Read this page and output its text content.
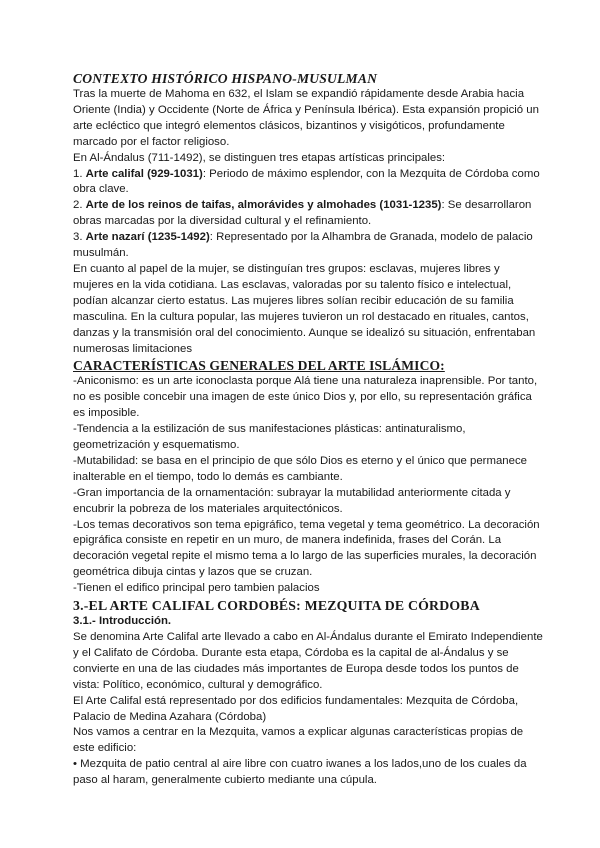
CONTEXTO HISTÓRICO HISPANO-MUSULMAN

Tras la muerte de Mahoma en 632, el Islam se expandió rápidamente desde Arabia hacia Oriente (India) y Occidente (Norte de África y Península Ibérica). Esta expansión propició un arte ecléctico que integró elementos clásicos, bizantinos y visigóticos, profundamente marcado por el factor religioso.

En Al-Ándalus (711-1492), se distinguen tres etapas artísticas principales:

1. Arte califal (929-1031): Periodo de máximo esplendor, con la Mezquita de Córdoba como obra clave.

2. Arte de los reinos de taifas, almorávides y almohades (1031-1235): Se desarrollaron obras marcadas por la diversidad cultural y el refinamiento.

3. Arte nazarí (1235-1492): Representado por la Alhambra de Granada, modelo de palacio musulmán.

En cuanto al papel de la mujer, se distinguían tres grupos: esclavas, mujeres libres y mujeres en la vida cotidiana. Las esclavas, valoradas por su talento físico e intelectual, podían alcanzar cierto estatus. Las mujeres libres solían recibir educación de su familia masculina. En la cultura popular, las mujeres tuvieron un rol destacado en rituales, cantos, danzas y la transmisión oral del conocimiento. Aunque se idealizó su situación, enfrentaban numerosas limitaciones

CARACTERÍSTICAS GENERALES DEL ARTE ISLÁMICO:

-Aniconismo: es un arte iconoclasta porque Alá tiene una naturaleza inaprensible. Por tanto, no es posible concebir una imagen de este único Dios y, por ello, su representación gráfica es imposible.

-Tendencia a la estilización de sus manifestaciones plásticas: antinaturalismo, geometrización y esquematismo.

-Mutabilidad: se basa en el principio de que sólo Dios es eterno y el único que permanece inalterable en el tiempo, todo lo demás es cambiante.

-Gran importancia de la ornamentación: subrayar la mutabilidad anteriormente citada y encubrir la pobreza de los materiales arquitectónicos.

-Los temas decorativos son tema epigráfico, tema vegetal y tema geométrico. La decoración epigráfica consiste en repetir en un muro, de manera indefinida, frases del Corán. La decoración vegetal repite el mismo tema a lo largo de las superficies murales, la decoración geométrica dibuja cintas y lazos que se cruzan.

-Tienen el edifico principal pero tambien palacios

3.-EL ARTE CALIFAL CORDOBÉS: MEZQUITA DE CÓRDOBA
3.1.- Introducción.

Se denomina Arte Califal arte llevado a cabo en Al-Ándalus durante el Emirato Independiente y el Califato de Córdoba. Durante esta etapa, Córdoba es la capital de al-Ándalus y se convierte en una de las ciudades más importantes de Europa desde todos los puntos de vista: Político, económico, cultural y demográfico.

El Arte Califal está representado por dos edificios fundamentales: Mezquita de Córdoba, Palacio de Medina Azahara (Córdoba)

Nos vamos a centrar en la Mezquita, vamos a explicar algunas características propias de este edificio:

• Mezquita de patio central al aire libre con cuatro iwanes a los lados,uno de los cuales da paso al haram, generalmente cubierto mediante una cúpula.
